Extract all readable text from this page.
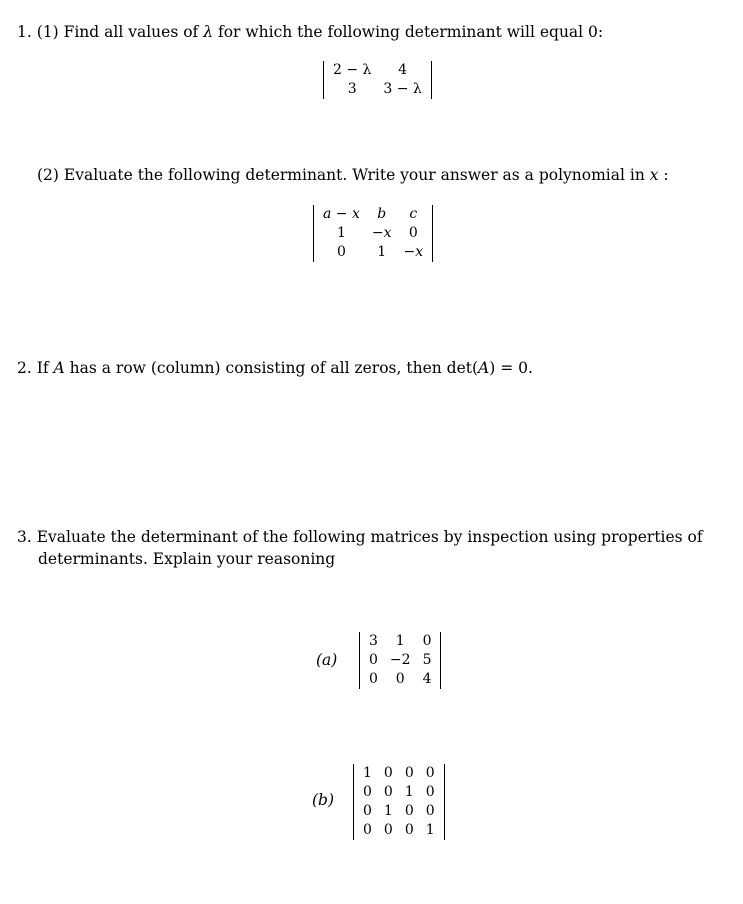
1. (1) Find all values of λ for which the following determinant will equal 0:
2 − λ	4
3	3 − λ
(2) Evaluate the following determinant. Write your answer as a polynomial in x :
a − x	b	c
1	−x	0
0	1	−x
2. If A has a row (column) consisting of all zeros, then det(A) = 0.
3. Evaluate the determinant of the following matrices by inspection using properties of
determinants. Explain your reasoning
(a)
3	1	0
0	−2	5
0	0	4
(b)
1	0	0	0
0	0	1	0
0	1	0	0
0	0	0	1
